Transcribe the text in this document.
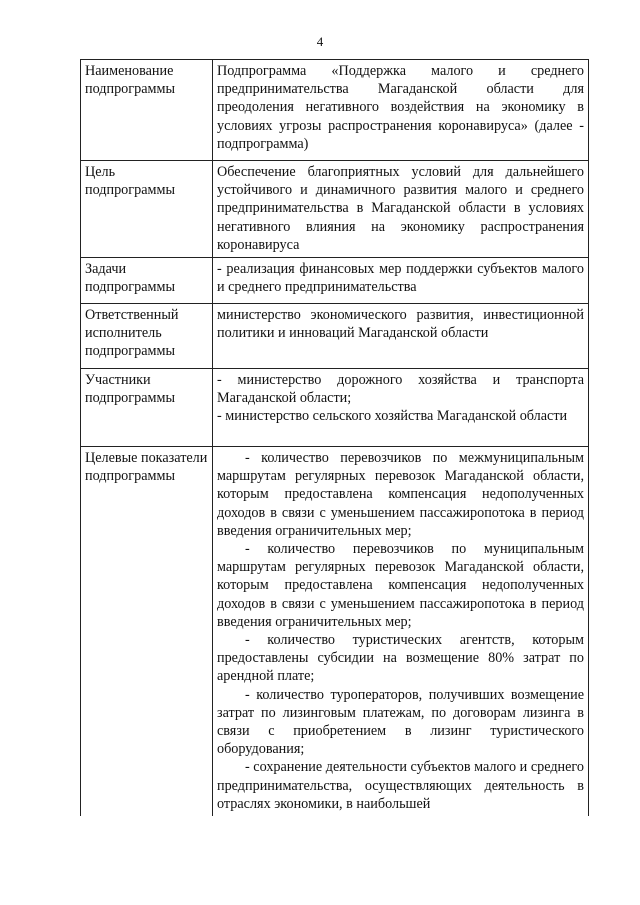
4
Наименование подпрограммы	Подпрограмма «Поддержка малого и среднего предпринимательства Магаданской области для преодоления негативного воздействия на экономику в условиях угрозы распространения коронавируса» (далее - подпрограмма)
Цель подпрограммы	Обеспечение благоприятных условий для дальнейшего устойчивого и динамичного развития малого и среднего предпринимательства в Магаданской области в условиях негативного влияния на экономику распространения коронавируса
Задачи подпрограммы	- реализация финансовых мер поддержки субъектов малого и среднего предпринимательства
Ответственный исполнитель подпрограммы	министерство экономического развития, инвестиционной политики и инноваций Магаданской области
Участники подпрограммы	- министерство дорожного хозяйства и транспорта Магаданской области;
- министерство сельского хозяйства Магаданской области

Целевые показатели подпрограммы	- количество перевозчиков по межмуниципальным маршрутам регулярных перевозок Магаданской области, которым предоставлена компенсация недополученных доходов в связи с уменьшением пассажиропотока в период введения ограничительных мер;
- количество перевозчиков по муниципальным маршрутам регулярных перевозок Магаданской области, которым предоставлена компенсация недополученных доходов в связи с уменьшением пассажиропотока в период введения ограничительных мер;
- количество туристических агентств, которым предоставлены субсидии на возмещение 80% затрат по арендной плате;
- количество туроператоров, получивших возмещение затрат по лизинговым платежам, по договорам лизинга в связи с приобретением в лизинг туристического оборудования;
- сохранение деятельности субъектов малого и среднего предпринимательства, осуществляющих деятельность в отраслях экономики, в наибольшей
